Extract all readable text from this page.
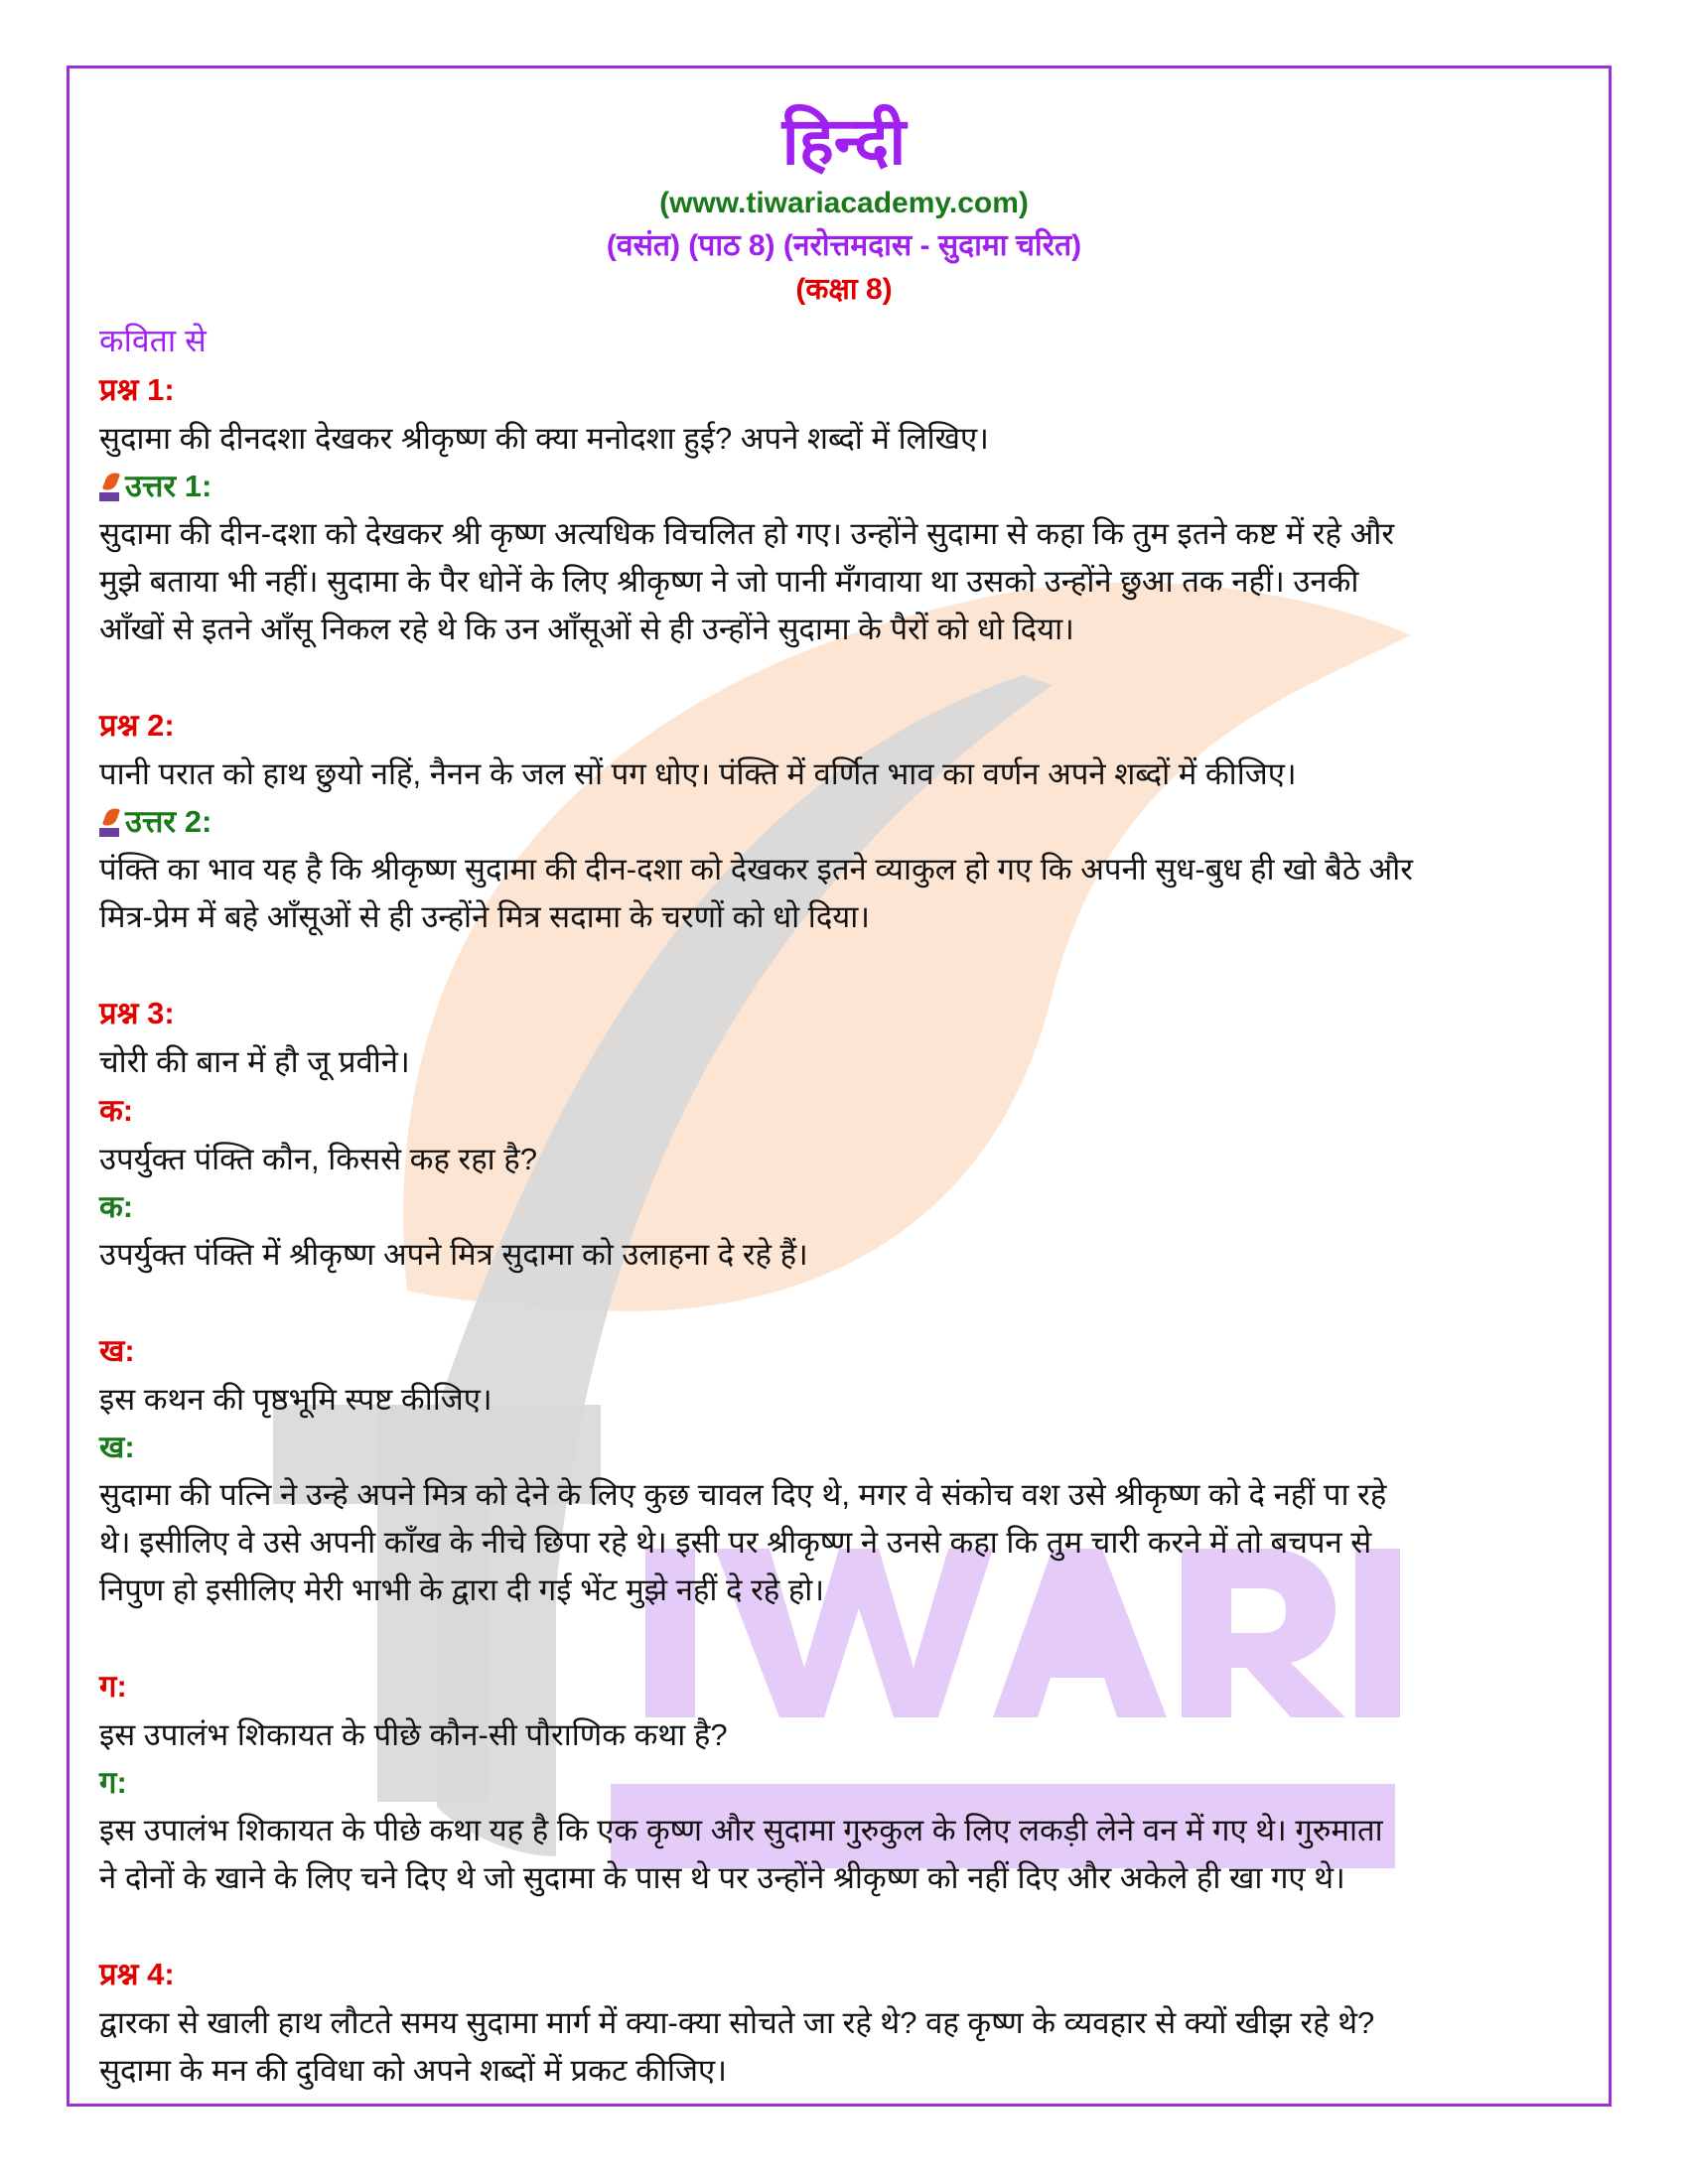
हिन्दी
(www.tiwariacademy.com)
(वसंत) (पाठ 8) (नरोत्तमदास - सुदामा चरित)
(कक्षा 8)
कविता से
प्रश्न 1:
सुदामा की दीनदशा देखकर श्रीकृष्ण की क्या मनोदशा हुई? अपने शब्दों में लिखिए।
उत्तर 1:
सुदामा की दीन-दशा को देखकर श्री कृष्ण अत्यधिक विचलित हो गए। उन्होंने सुदामा से कहा कि तुम इतने कष्ट में रहे और
मुझे बताया भी नहीं। सुदामा के पैर धोनें के लिए श्रीकृष्ण ने जो पानी मँगवाया था उसको उन्होंने छुआ तक नहीं। उनकी
आँखों से इतने आँसू निकल रहे थे कि उन आँसूओं से ही उन्होंने सुदामा के पैरों को धो दिया।
प्रश्न 2:
पानी परात को हाथ छुयो नहिं, नैनन के जल सों पग धोए। पंक्ति में वर्णित भाव का वर्णन अपने शब्दों में कीजिए।
उत्तर 2:
पंक्ति का भाव यह है कि श्रीकृष्ण सुदामा की दीन-दशा को देखकर इतने व्याकुल हो गए कि अपनी सुध-बुध ही खो बैठे और
मित्र-प्रेम में बहे आँसूओं से ही उन्होंने मित्र सदामा के चरणों को धो दिया।
प्रश्न 3:
चोरी की बान में हौ जू प्रवीने।
क:
उपर्युक्त पंक्ति कौन, किससे कह रहा है?
क:
उपर्युक्त पंक्ति में श्रीकृष्ण अपने मित्र सुदामा को उलाहना दे रहे हैं।
ख:
इस कथन की पृष्ठभूमि स्पष्ट कीजिए।
ख:
सुदामा की पत्नि ने उन्हे अपने मित्र को देने के लिए कुछ चावल दिए थे, मगर वे संकोच वश उसे श्रीकृष्ण को दे नहीं पा रहे
थे। इसीलिए वे उसे अपनी काँख के नीचे छिपा रहे थे। इसी पर श्रीकृष्ण ने उनसे कहा कि तुम चारी करने में तो बचपन से
निपुण हो इसीलिए मेरी भाभी के द्वारा दी गई भेंट मुझे नहीं दे रहे हो।
ग:
इस उपालंभ शिकायत के पीछे कौन-सी पौराणिक कथा है?
ग:
इस उपालंभ शिकायत के पीछे कथा यह है कि एक कृष्ण और सुदामा गुरुकुल के लिए लकड़ी लेने वन में गए थे। गुरुमाता
ने दोनों के खाने के लिए चने दिए थे जो सुदामा के पास थे पर उन्होंने श्रीकृष्ण को नहीं दिए और अकेले ही खा गए थे।
प्रश्न 4:
द्वारका से खाली हाथ लौटते समय सुदामा मार्ग में क्या-क्या सोचते जा रहे थे? वह कृष्ण के व्यवहार से क्यों खीझ रहे थे?
सुदामा के मन की दुविधा को अपने शब्दों में प्रकट कीजिए।
